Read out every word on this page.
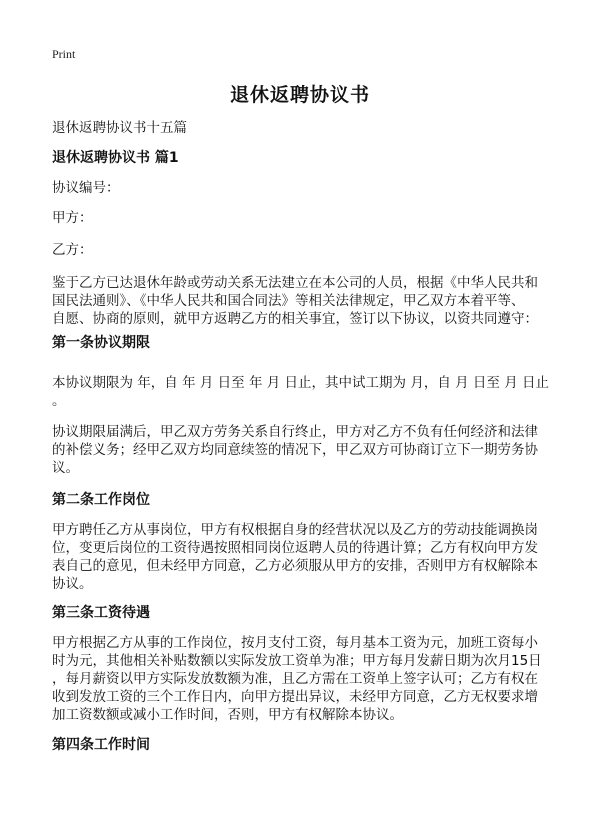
Print
退休返聘协议书
退休返聘协议书十五篇
退休返聘协议书 篇1
协议编号：
甲方：
乙方：
鉴于乙方已达退休年龄或劳动关系无法建立在本公司的人员，根据《中华人民共和
国民法通则》、《中华人民共和国合同法》等相关法律规定，甲乙双方本着平等、
自愿、协商的原则，就甲方返聘乙方的相关事宜，签订以下协议，以资共同遵守：
第一条协议期限
本协议期限为 年，自 年 月 日至 年 月 日止，其中试工期为 月，自 月 日至 月 日止
。
协议期限届满后，甲乙双方劳务关系自行终止，甲方对乙方不负有任何经济和法律
的补偿义务；经甲乙双方均同意续签的情况下，甲乙双方可协商订立下一期劳务协
议。
第二条工作岗位
甲方聘任乙方从事岗位，甲方有权根据自身的经营状况以及乙方的劳动技能调换岗
位，变更后岗位的工资待遇按照相同岗位返聘人员的待遇计算；乙方有权向甲方发
表自己的意见，但未经甲方同意，乙方必须服从甲方的安排，否则甲方有权解除本
协议。
第三条工资待遇
甲方根据乙方从事的工作岗位，按月支付工资，每月基本工资为元，加班工资每小
时为元，其他相关补贴数额以实际发放工资单为准；甲方每月发薪日期为次月15日
，每月薪资以甲方实际发放数额为准，且乙方需在工资单上签字认可；乙方有权在
收到发放工资的三个工作日内，向甲方提出异议，未经甲方同意，乙方无权要求增
加工资数额或减小工作时间，否则，甲方有权解除本协议。
第四条工作时间
